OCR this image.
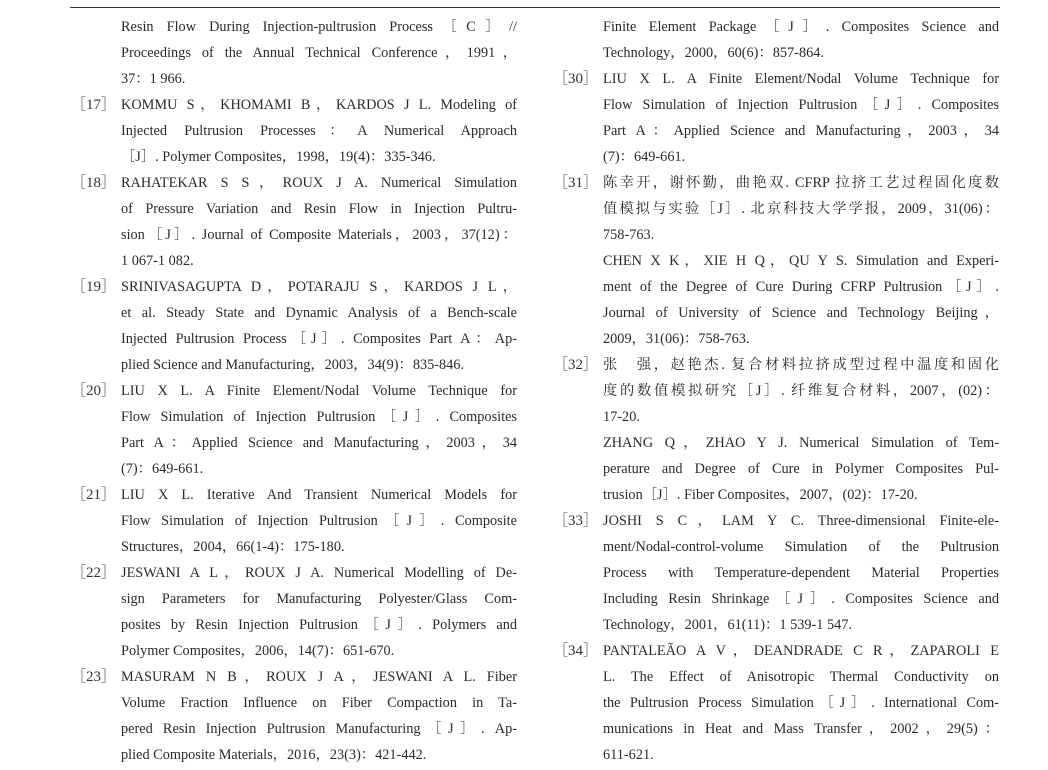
Resin Flow During Injection-pultrusion Process［C］//
Proceedings of the Annual Technical Conference，1991，
37：1 966.
［17］ KOMMU S，KHOMAMI B，KARDOS J L. Modeling of
Injected Pultrusion Processes：A Numerical Approach
［J］. Polymer Composites，1998，19(4)：335-346.
［18］ RAHATEKAR S S，ROUX J A. Numerical Simulation
of Pressure Variation and Resin Flow in Injection Pultru-
sion［J］. Journal of Composite Materials，2003，37(12)：
1 067-1 082.
［19］ SRINIVASAGUPTA D，POTARAJU S，KARDOS J L，
et al. Steady State and Dynamic Analysis of a Bench-scale
Injected Pultrusion Process［J］. Composites Part A：Ap-
plied Science and Manufacturing，2003，34(9)：835-846.
［20］ LIU X L. A Finite Element/Nodal Volume Technique for
Flow Simulation of Injection Pultrusion［J］. Composites
Part A：Applied Science and Manufacturing，2003，34
(7)：649-661.
［21］ LIU X L. Iterative And Transient Numerical Models for
Flow Simulation of Injection Pultrusion［J］. Composite
Structures，2004，66(1-4)：175-180.
［22］ JESWANI A L，ROUX J A. Numerical Modelling of De-
sign Parameters for Manufacturing Polyester/Glass Com-
posites by Resin Injection Pultrusion［J］. Polymers and
Polymer Composites，2006，14(7)：651-670.
［23］ MASURAM N B，ROUX J A，JESWANI A L. Fiber
Volume Fraction Influence on Fiber Compaction in Ta-
pered Resin Injection Pultrusion Manufacturing［J］. Ap-
plied Composite Materials，2016，23(3)：421-442.
Finite Element Package［J］. Composites Science and
Technology，2000，60(6)：857-864.
［30］ LIU X L. A Finite Element/Nodal Volume Technique for
Flow Simulation of Injection Pultrusion［J］. Composites
Part A：Applied Science and Manufacturing，2003，34
(7)：649-661.
［31］ 陈幸开，谢怀勤，曲艳双. CFRP 拉挤工艺过程固化度数
值模拟与实验［J］. 北京科技大学学报，2009，31(06)：
758-763.
CHEN X K，XIE H Q，QU Y S. Simulation and Experi-
ment of the Degree of Cure During CFRP Pultrusion［J］.
Journal of University of Science and Technology Beijing，
2009，31(06)：758-763.
［32］ 张　强，赵艳杰. 复合材料拉挤成型过程中温度和固化
度的数值模拟研究［J］. 纤维复合材料，2007，(02)：
17-20.
ZHANG Q，ZHAO Y J. Numerical Simulation of Tem-
perature and Degree of Cure in Polymer Composites Pul-
trusion［J］. Fiber Composites，2007，(02)：17-20.
［33］ JOSHI S C，LAM Y C. Three-dimensional Finite-ele-
ment/Nodal-control-volume Simulation of the Pultrusion
Process with Temperature-dependent Material Properties
Including Resin Shrinkage［J］. Composites Science and
Technology，2001，61(11)：1 539-1 547.
［34］ PANTALEÃO A V，DEANDRADE C R，ZAPAROLI E
L. The Effect of Anisotropic Thermal Conductivity on
the Pultrusion Process Simulation［J］. International Com-
munications in Heat and Mass Transfer，2002，29(5)：
611-621.
